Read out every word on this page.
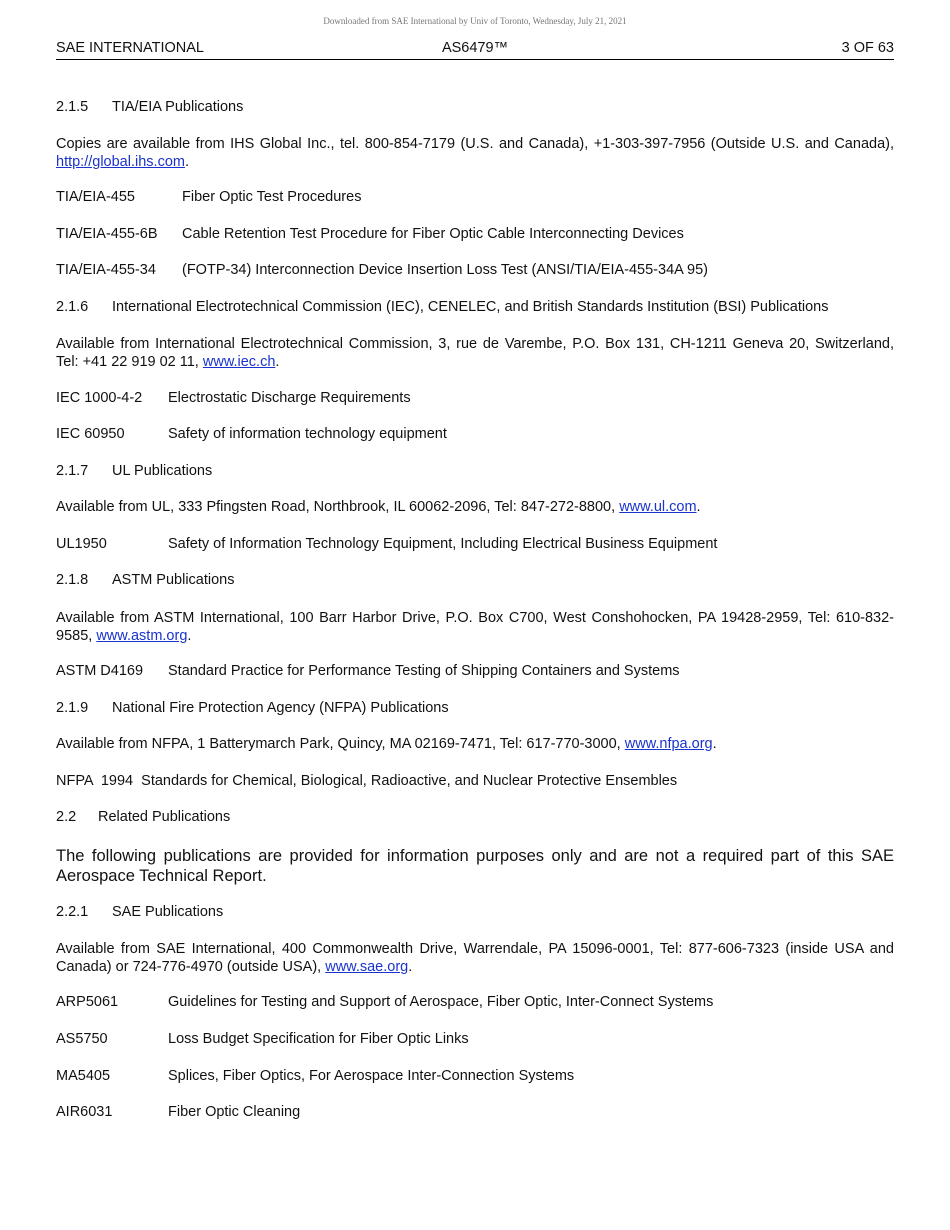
Downloaded from SAE International by Univ of Toronto, Wednesday, July 21, 2021
SAE INTERNATIONAL	AS6479™	3 OF 63
2.1.5 TIA/EIA Publications
Copies are available from IHS Global Inc., tel. 800-854-7179 (U.S. and Canada), +1-303-397-7956 (Outside U.S. and Canada), http://global.ihs.com.
TIA/EIA-455	Fiber Optic Test Procedures
TIA/EIA-455-6B Cable Retention Test Procedure for Fiber Optic Cable Interconnecting Devices
TIA/EIA-455-34 (FOTP-34) Interconnection Device Insertion Loss Test (ANSI/TIA/EIA-455-34A 95)
2.1.6 International Electrotechnical Commission (IEC), CENELEC, and British Standards Institution (BSI) Publications
Available from International Electrotechnical Commission, 3, rue de Varembe, P.O. Box 131, CH-1211 Geneva 20, Switzerland, Tel: +41 22 919 02 11, www.iec.ch.
IEC 1000-4-2 Electrostatic Discharge Requirements
IEC 60950	Safety of information technology equipment
2.1.7 UL Publications
Available from UL, 333 Pfingsten Road, Northbrook, IL 60062-2096, Tel: 847-272-8800, www.ul.com.
UL1950	Safety of Information Technology Equipment, Including Electrical Business Equipment
2.1.8 ASTM Publications
Available from ASTM International, 100 Barr Harbor Drive, P.O. Box C700, West Conshohocken, PA 19428-2959, Tel: 610-832-9585, www.astm.org.
ASTM D4169 Standard Practice for Performance Testing of Shipping Containers and Systems
2.1.9 National Fire Protection Agency (NFPA) Publications
Available from NFPA, 1 Batterymarch Park, Quincy, MA 02169-7471, Tel: 617-770-3000, www.nfpa.org.
NFPA  1994  Standards for Chemical, Biological, Radioactive, and Nuclear Protective Ensembles
2.2 Related Publications
The following publications are provided for information purposes only and are not a required part of this SAE Aerospace Technical Report.
2.2.1 SAE Publications
Available from SAE International, 400 Commonwealth Drive, Warrendale, PA 15096-0001, Tel: 877-606-7323 (inside USA and Canada) or 724-776-4970 (outside USA), www.sae.org.
ARP5061	Guidelines for Testing and Support of Aerospace, Fiber Optic, Inter-Connect Systems
AS5750	Loss Budget Specification for Fiber Optic Links
MA5405	Splices, Fiber Optics, For Aerospace Inter-Connection Systems
AIR6031	Fiber Optic Cleaning
